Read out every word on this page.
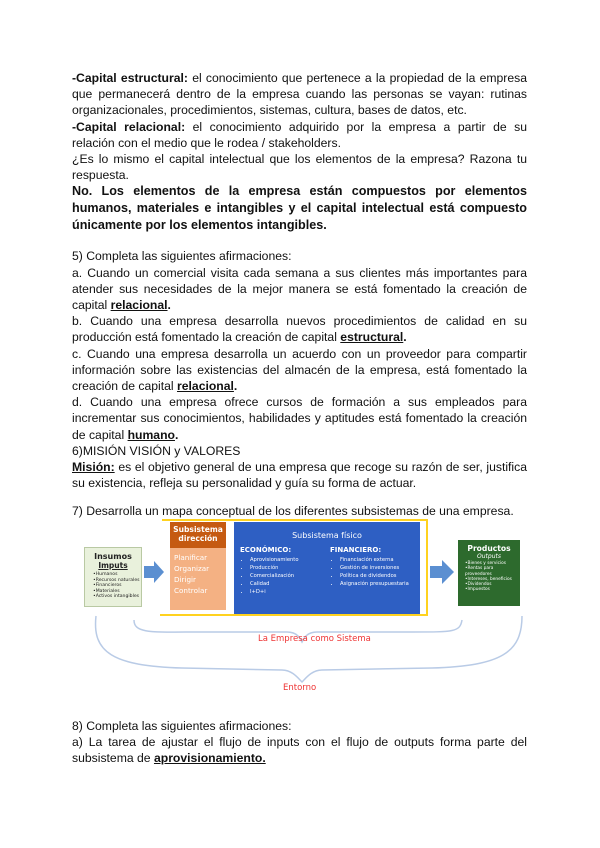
-Capital estructural: el conocimiento que pertenece a la propiedad de la empresa que permanecerá dentro de la empresa cuando las personas se vayan: rutinas organizacionales, procedimientos, sistemas, cultura, bases de datos, etc.

-Capital relacional: el conocimiento adquirido por la empresa a partir de su relación con el medio que le rodea / stakeholders.

¿Es lo mismo el capital intelectual que los elementos de la empresa? Razona tu respuesta.

No. Los elementos de la empresa están compuestos por elementos humanos, materiales e intangibles y el capital intelectual está compuesto únicamente por los elementos intangibles.

5) Completa las siguientes afirmaciones:

a. Cuando un comercial visita cada semana a sus clientes más importantes para atender sus necesidades de la mejor manera se está fomentado la creación de capital relacional.

b. Cuando una empresa desarrolla nuevos procedimientos de calidad en su producción está fomentado la creación de capital estructural.

c. Cuando una empresa desarrolla un acuerdo con un proveedor para compartir información sobre las existencias del almacén de la empresa, está fomentado la creación de capital relacional.

d. Cuando una empresa ofrece cursos de formación a sus empleados para incrementar sus conocimientos, habilidades y aptitudes está fomentado la creación de capital humano.

6)MISIÓN VISIÓN y VALORES

Misión: es el objetivo general de una empresa que recoge su razón de ser, justifica su existencia, refleja su personalidad y guía su forma de actuar.

7) Desarrolla un mapa conceptual de los diferentes subsistemas de una empresa.

Insumos
Imputs
•Humanos
•Recursos naturales
•Financieros
•Materiales
•Activos intangibles
Subsistema dirección
Planificar
Organizar
Dirigir
Controlar
Subsistema físico
ECONÓMICO:
• Aprovisionamiento
• Producción
• Comercialización
• Calidad
• I+D+i
FINANCIERO:
• Financiación externa
• Gestión de inversiones
• Política de dividendos
• Asignación presupuestaria
Productos
Outputs
•Bienes y servicios
•Rentas para proveedores
•Intereses, beneficios
•Dividendos
•Impuestos
La Empresa como Sistema
Entorno

8) Completa las siguientes afirmaciones:

a) La tarea de ajustar el flujo de inputs con el flujo de outputs forma parte del subsistema de aprovisionamiento.
